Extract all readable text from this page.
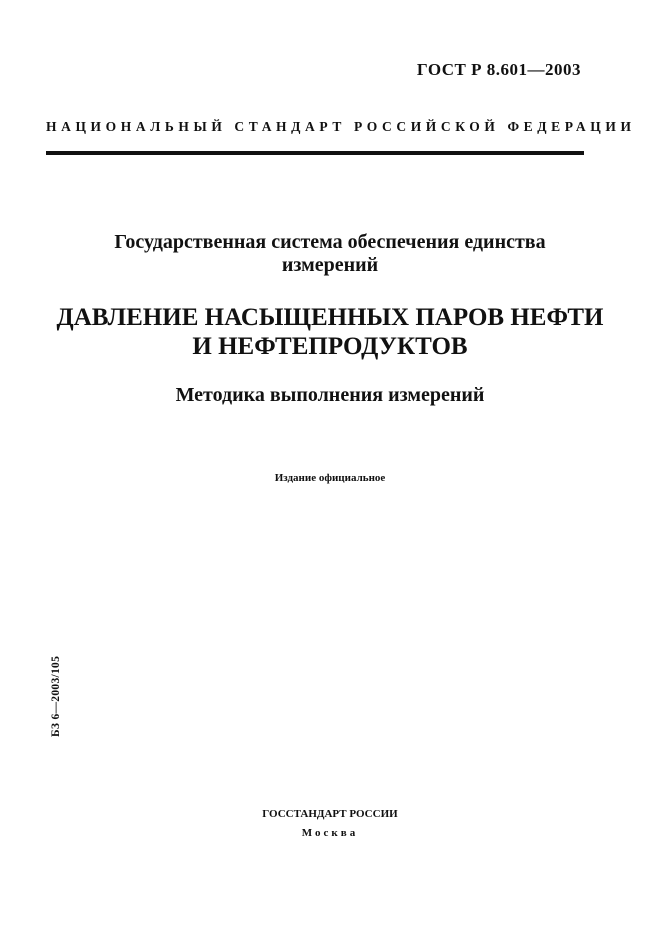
ГОСТ Р 8.601—2003
НАЦИОНАЛЬНЫЙ СТАНДАРТ РОССИЙСКОЙ ФЕДЕРАЦИИ
Государственная система обеспечения единства
измерений
ДАВЛЕНИЕ НАСЫЩЕННЫХ ПАРОВ НЕФТИ
И НЕФТЕПРОДУКТОВ
Методика выполнения измерений
Издание официальное
БЗ 6—2003/105
ГОССТАНДАРТ РОССИИ
Москва
